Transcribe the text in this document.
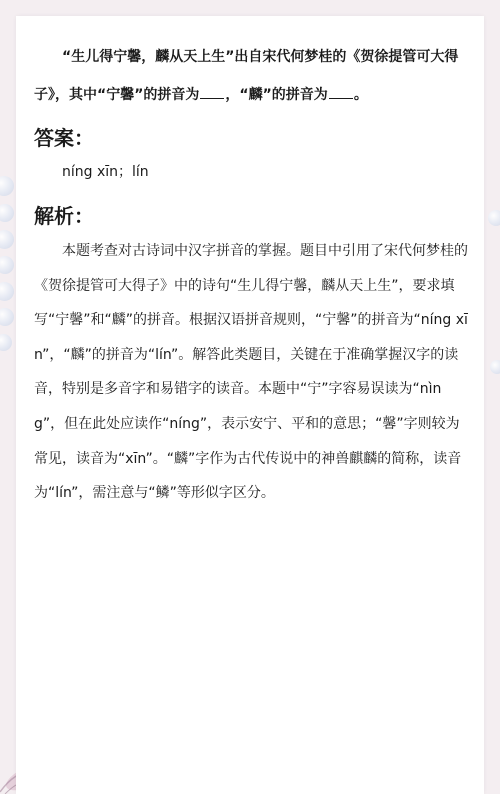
“生儿得宁馨，麟从天上生”出自宋代何梦桂的《贺徐提管可大得子》，其中“宁馨”的拼音为 ，“麟”的拼音为 。

答案：

níng xīn；lín

解析：

本题考查对古诗词中汉字拼音的掌握。题目中引用了宋代何梦桂的《贺徐提管可大得子》中的诗句“生儿得宁馨，麟从天上生”，要求填写“宁馨”和“麟”的拼音。根据汉语拼音规则，“宁馨”的拼音为“níng xīn”，“麟”的拼音为“lín”。解答此类题目，关键在于准确掌握汉字的读音，特别是多音字和易错字的读音。本题中“宁”字容易误读为“nìng”，但在此处应读作“níng”，表示安宁、平和的意思；“馨”字则较为常见，读音为“xīn”。“麟”字作为古代传说中的神兽麒麟的简称，读音为“lín”，需注意与“鳞”等形似字区分。
